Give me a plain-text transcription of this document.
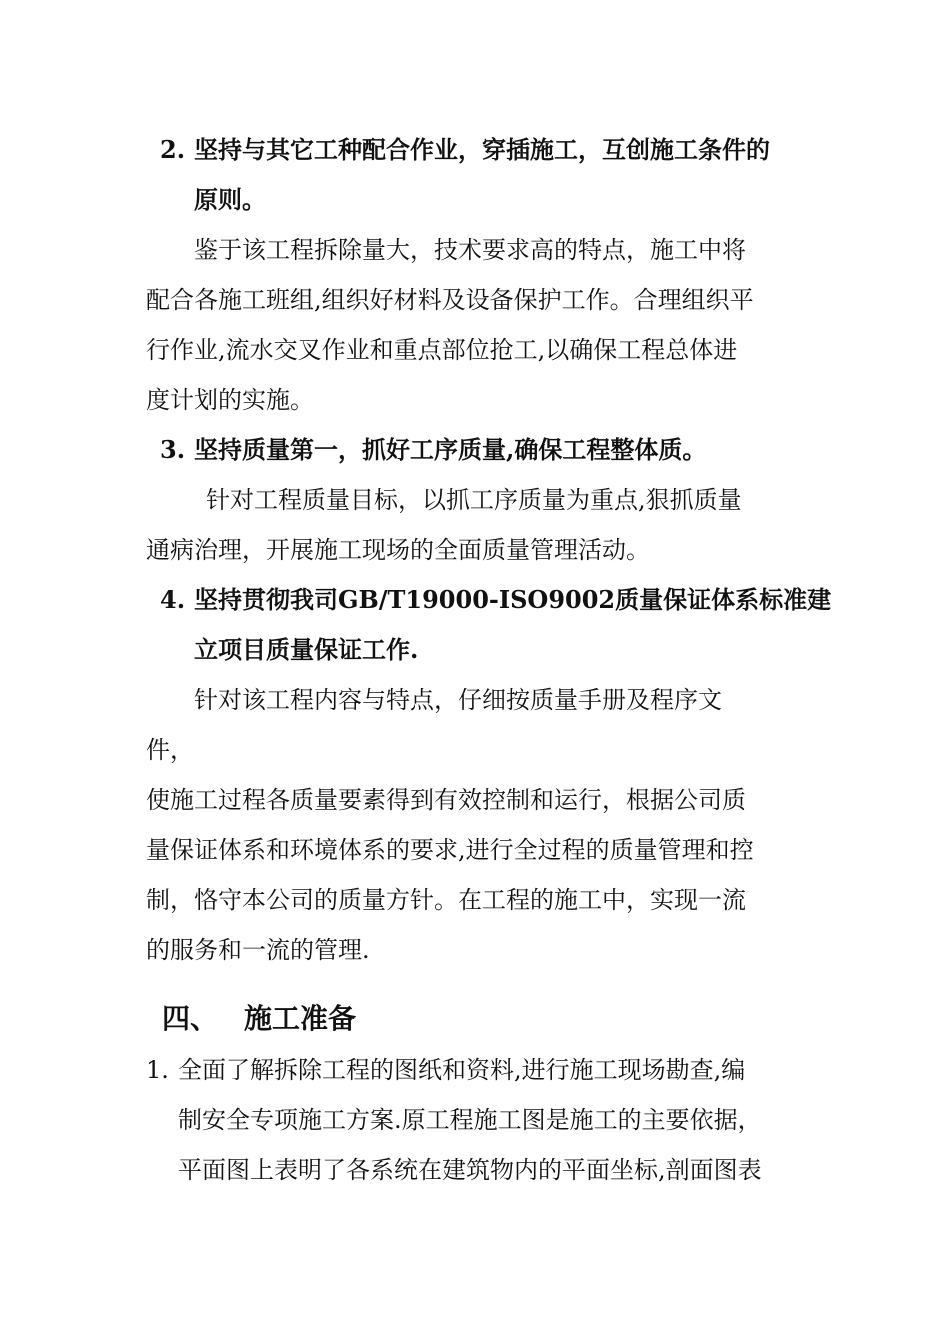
2. 坚持与其它工种配合作业，穿插施工，互创施工条件的
原则。
鉴于该工程拆除量大，技术要求高的特点，施工中将
配合各施工班组,组织好材料及设备保护工作。合理组织平
行作业,流水交叉作业和重点部位抢工,以确保工程总体进
度计划的实施。
3. 坚持质量第一，抓好工序质量,确保工程整体质。
针对工程质量目标，以抓工序质量为重点,狠抓质量
通病治理，开展施工现场的全面质量管理活动。
4. 坚持贯彻我司GB/T19000-ISO9002质量保证体系标准建
立项目质量保证工作.
针对该工程内容与特点，仔细按质量手册及程序文
件，
使施工过程各质量要素得到有效控制和运行，根据公司质
量保证体系和环境体系的要求,进行全过程的质量管理和控
制，恪守本公司的质量方针。在工程的施工中，实现一流
的服务和一流的管理.
四、 施工准备
1. 全面了解拆除工程的图纸和资料,进行施工现场勘查,编
制安全专项施工方案.原工程施工图是施工的主要依据，
平面图上表明了各系统在建筑物内的平面坐标,剖面图表
